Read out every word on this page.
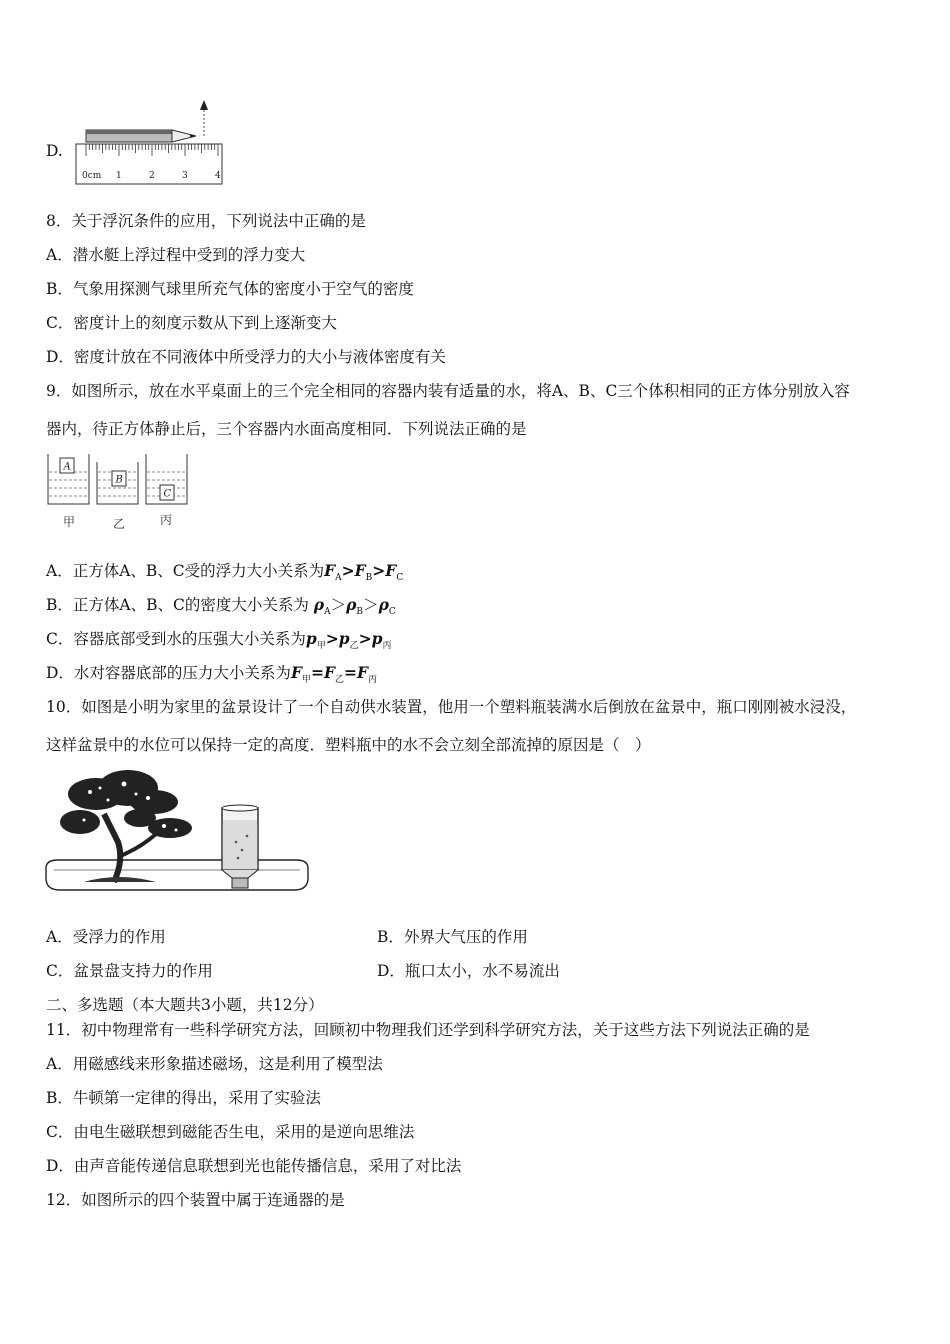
D.
0cm 1	2	3	4
8．关于浮沉条件的应用，下列说法中正确的是
A．潜水艇上浮过程中受到的浮力变大
B．气象用探测气球里所充气体的密度小于空气的密度
C．密度计上的刻度示数从下到上逐渐变大
D．密度计放在不同液体中所受浮力的大小与液体密度有关
9．如图所示，放在水平桌面上的三个完全相同的容器内装有适量的水，将A、B、C三个体积相同的正方体分别放入容
器内，待正方体静止后，三个容器内水面高度相同．下列说法正确的是
A
B
C
甲	乙	丙
A．正方体A、B、C受的浮力大小关系为$F_A>F_B>F_C$
B．正方体A、B、C的密度大小关系为 $\rho_A>\rho_B>\rho_C$
C．容器底部受到水的压强大小关系为$p_甲>p_乙>p_丙$
D．水对容器底部的压力大小关系为$F_甲=F_乙=F_丙$
10．如图是小明为家里的盆景设计了一个自动供水装置，他用一个塑料瓶装满水后倒放在盆景中，瓶口刚刚被水浸没，
这样盆景中的水位可以保持一定的高度．塑料瓶中的水不会立刻全部流掉的原因是（　）
A．受浮力的作用	B．外界大气压的作用
C．盆景盘支持力的作用	D．瓶口太小，水不易流出
二、多选题（本大题共3小题，共12分）
11．初中物理常有一些科学研究方法，回顾初中物理我们还学到科学研究方法，关于这些方法下列说法正确的是
A．用磁感线来形象描述磁场，这是利用了模型法
B．牛顿第一定律的得出，采用了实验法
C．由电生磁联想到磁能否生电，采用的是逆向思维法
D．由声音能传递信息联想到光也能传播信息，采用了对比法
12．如图所示的四个装置中属于连通器的是
